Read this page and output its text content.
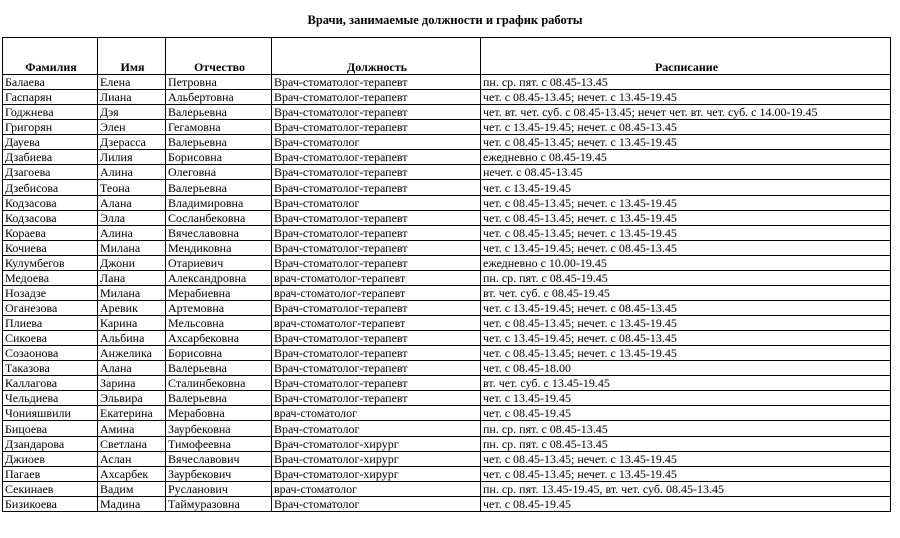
Врачи, занимаемые должности и график работы
Фамилия	Имя	Отчество	Должность	Расписание
Балаева	Елена	Петровна	Врач-стоматолог-терапевт	пн. ср. пят. с 08.45-13.45
Гаспарян	Лиана	Альбертовна	Врач-стоматолог-терапевт	чет. с 08.45-13.45; нечет. с 13.45-19.45
Годжнева	Дэя	Валерьевна	Врач-стоматолог-терапевт	чет. вт. чет. суб. с 08.45-13.45; нечет чет. вт. чет. суб. с 14.00-19.45
Григорян	Элен	Гегамовна	Врач-стоматолог-терапевт	чет. с 13.45-19.45; нечет. с 08.45-13.45
Дауева	Дзерасса	Валерьевна	Врач-стоматолог	чет. с 08.45-13.45; нечет. с 13.45-19.45
Дзабиева	Лилия	Борисовна	Врач-стоматолог-терапевт	ежедневно с 08.45-19.45
Дзагоева	Алина	Олеговна	Врач-стоматолог-терапевт	нечет. с 08.45-13.45
Дзебисова	Теона	Валерьевна	Врач-стоматолог-терапевт	чет. с 13.45-19.45
Кодзасова	Алана	Владимировна	Врач-стоматолог	чет. с 08.45-13.45; нечет. с 13.45-19.45
Кодзасова	Элла	Сосланбековна	Врач-стоматолог-терапевт	чет. с 08.45-13.45; нечет. с 13.45-19.45
Кораева	Алина	Вячеславовна	Врач-стоматолог-терапевт	чет. с 08.45-13.45; нечет. с 13.45-19.45
Кочиева	Милана	Мендиковна	Врач-стоматолог-терапевт	чет. с 13.45-19.45; нечет. с 08.45-13.45
Кулумбегов	Джони	Отариевич	Врач-стоматолог-терапевт	ежедневно с 10.00-19.45
Медоева	Лана	Александровна	врач-стоматолог-терапевт	пн. ср. пят. с 08.45-19.45
Нозадзе	Милана	Мерабиевна	врач-стоматолог-терапевт	вт. чет. суб. с 08.45-19.45
Оганезова	Аревик	Артемовна	Врач-стоматолог-терапевт	чет. с 13.45-19.45; нечет. с 08.45-13.45
Плиева	Карина	Мельсовна	врач-стоматолог-терапевт	чет. с 08.45-13.45; нечет. с 13.45-19.45
Сикоева	Альбина	Ахсарбековна	Врач-стоматолог-терапевт	чет. с 13.45-19.45; нечет. с 08.45-13.45
Созаонова	Анжелика	Борисовна	Врач-стоматолог-терапевт	чет. с 08.45-13.45; нечет. с 13.45-19.45
Таказова	Алана	Валерьевна	Врач-стоматолог-терапевт	чет. с 08.45-18.00
Каллагова	Зарина	Сталинбековна	Врач-стоматолог-терапевт	вт. чет. суб. с 13.45-19.45
Чельдиева	Эльвира	Валерьевна	Врач-стоматолог-терапевт	чет. с 13.45-19.45
Чонияшвили	Екатерина	Мерабовна	врач-стоматолог	чет. с 08.45-19.45
Бицоева	Амина	Заурбековна	Врач-стоматолог	пн. ср. пят. с 08.45-13.45
Дзандарова	Светлана	Тимофеевна	Врач-стоматолог-хирург	пн. ср. пят. с 08.45-13.45
Джиоев	Аслан	Вячеславович	Врач-стоматолог-хирург	чет. с 08.45-13.45; нечет. с 13.45-19.45
Пагаев	Ахсарбек	Заурбекович	Врач-стоматолог-хирург	чет. с 08.45-13.45; нечет. с 13.45-19.45
Секинаев	Вадим	Русланович	врач-стоматолог	пн. ср. пят. 13.45-19.45, вт. чет. суб. 08.45-13.45
Бизикоева	Мадина	Таймуразовна	Врач-стоматолог	чет. с 08.45-19.45
